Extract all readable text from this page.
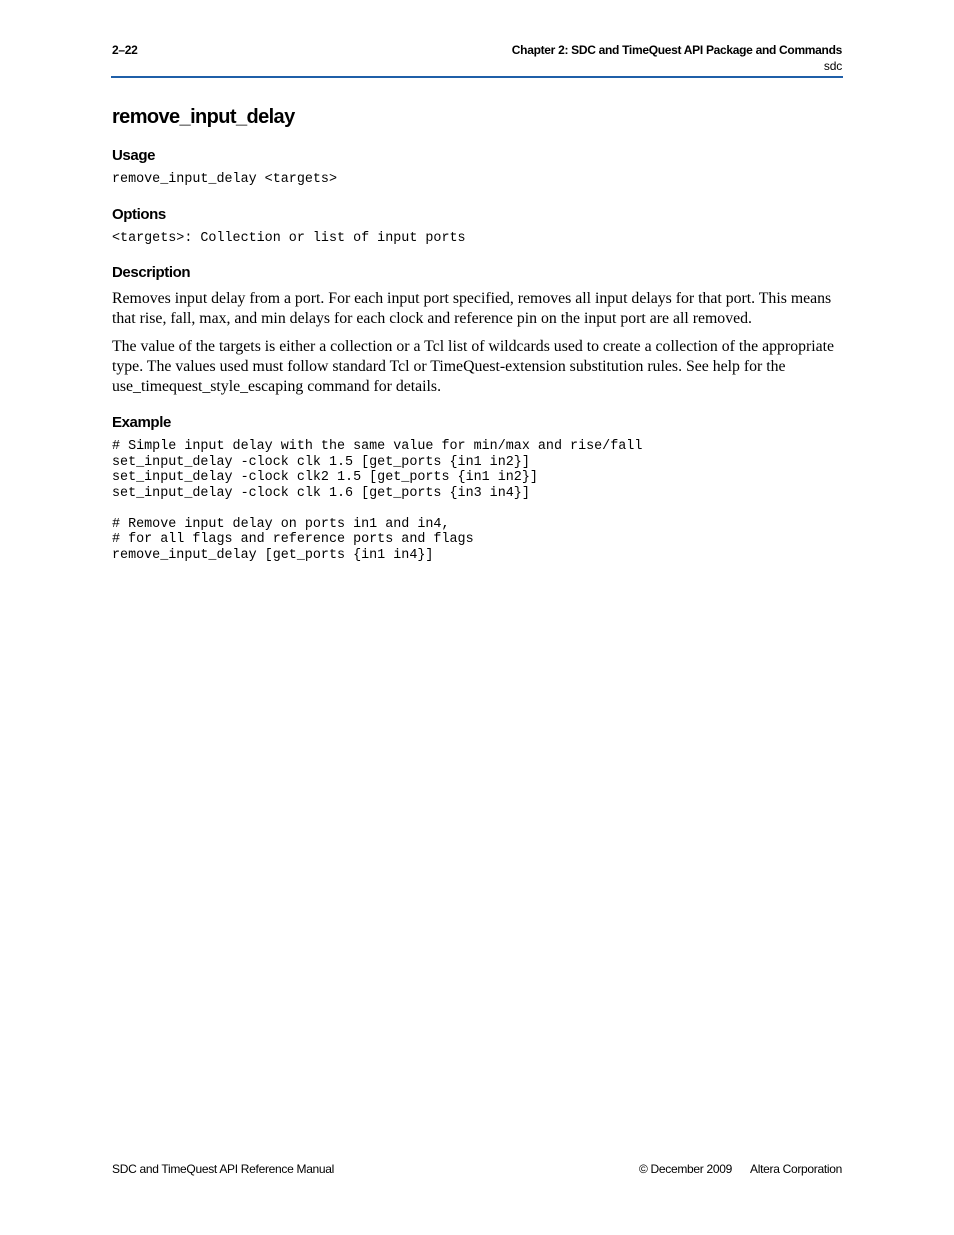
2–22	Chapter 2: SDC and TimeQuest API Package and Commands
sdc
remove_input_delay
Usage
remove_input_delay <targets>
Options
<targets>: Collection or list of input ports
Description

Removes input delay from a port. For each input port specified, removes all input delays for that port. This means that rise, fall, max, and min delays for each clock and reference pin on the input port are all removed.

The value of the targets is either a collection or a Tcl list of wildcards used to create a collection of the appropriate type. The values used must follow standard Tcl or TimeQuest-extension substitution rules. See help for the use_timequest_style_escaping command for details.

Example
# Simple input delay with the same value for min/max and rise/fall
set_input_delay -clock clk 1.5 [get_ports {in1 in2}]
set_input_delay -clock clk2 1.5 [get_ports {in1 in2}]
set_input_delay -clock clk 1.6 [get_ports {in3 in4}]
# Remove input delay on ports in1 and in4,
# for all flags and reference ports and flags
remove_input_delay [get_ports {in1 in4}]
SDC and TimeQuest API Reference Manual	© December 2009 Altera Corporation
